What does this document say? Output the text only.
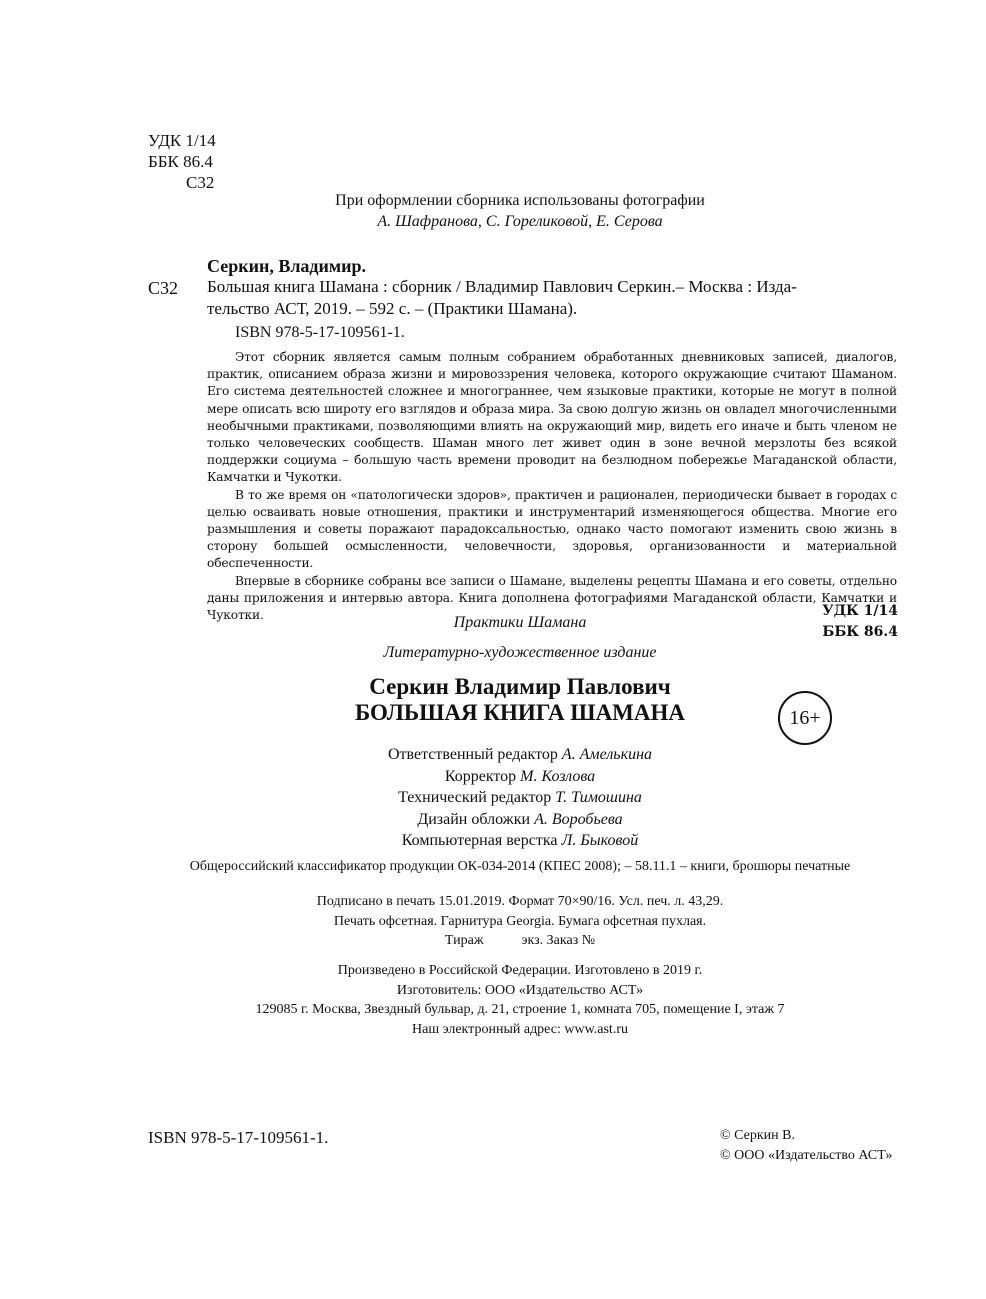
УДК 1/14
ББК 86.4
С32
При оформлении сборника использованы фотографии
А. Шафранова, С. Гореликовой, Е. Серова
Серкин, Владимир.
С32 Большая книга Шамана : сборник / Владимир Павлович Серкин.– Москва : Изда-
тельство АСТ, 2019. – 592 с. – (Практики Шамана).
ISBN 978-5-17-109561-1.

Этот сборник является самым полным собранием обработанных дневниковых записей, диалогов, практик, описанием образа жизни и мировоззрения человека, которого окружающие считают Шаманом. Его система деятельностей сложнее и многограннее, чем языковые практики, которые не могут в полной мере описать всю широту его взглядов и образа мира. За свою долгую жизнь он овладел многочисленными необычными практиками, позволяющими влиять на окружающий мир, видеть его иначе и быть членом не только человеческих сообществ. Шаман много лет живет один в зоне вечной мерзлоты без всякой поддержки социума – большую часть времени проводит на безлюдном побережье Магаданской области, Камчатки и Чукотки.

В то же время он «патологически здоров», практичен и рационален, периодически бывает в городах с целью осваивать новые отношения, практики и инструментарий изменяющегося общества. Многие его размышления и советы поражают парадоксальностью, однако часто помогают изменить свою жизнь в сторону большей осмысленности, человечности, здоровья, организованности и материальной обеспеченности.

Впервые в сборнике собраны все записи о Шамане, выделены рецепты Шамана и его советы, отдельно даны приложения и интервью автора. Книга дополнена фотографиями Магаданской области, Камчатки и Чукотки.	УДК 1/14
ББК 86.4
Практики Шамана
Литературно-художественное издание
Серкин Владимир Павлович
БОЛЬШАЯ КНИГА ШАМАНА	16+
Ответственный редактор А. Амелькина
Корректор М. Козлова
Технический редактор Т. Тимошина
Дизайн обложки А. Воробьева
Компьютерная верстка Л. Быковой
Общероссийский классификатор продукции ОК-034-2014 (КПЕС 2008); – 58.11.1 – книги, брошюры печатные
Подписано в печать 15.01.2019. Формат 70×90/16. Усл. печ. л. 43,29.
Печать офсетная. Гарнитура Georgia. Бумага офсетная пухлая.
Тираж	экз. Заказ №
Произведено в Российской Федерации. Изготовлено в 2019 г.
Изготовитель: ООО «Издательство АСТ»
129085 г. Москва, Звездный бульвар, д. 21, строение 1, комната 705, помещение I, этаж 7
Наш электронный адрес: www.ast.ru
ISBN 978-5-17-109561-1.	© Серкин В.
© ООО «Издательство АСТ»
